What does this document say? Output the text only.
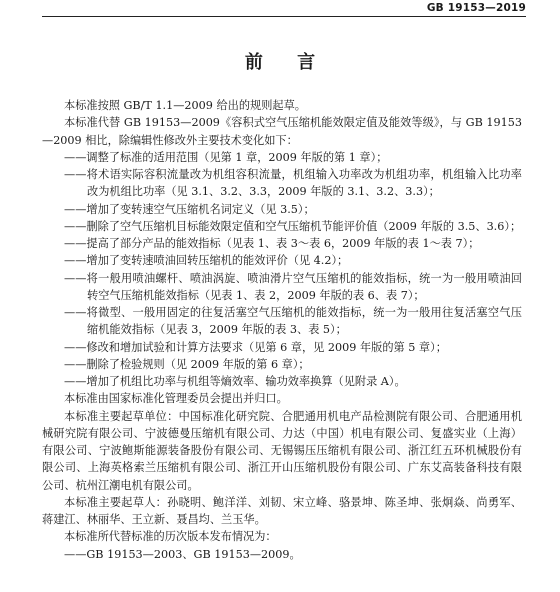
GB 19153—2019
前 言

本标准按照 GB/T 1.1—2009 给出的规则起草。

本标准代替 GB 19153—2009《容积式空气压缩机能效限定值及能效等级》，与 GB 19153—2009 相比，除编辑性修改外主要技术变化如下：

——调整了标准的适用范围（见第 1 章，2009 年版的第 1 章）；

——将术语实际容积流量改为机组容积流量，机组输入功率改为机组功率，机组输入比功率改为机组比功率（见 3.1、3.2、3.3，2009 年版的 3.1、3.2、3.3）；

——增加了变转速空气压缩机名词定义（见 3.5）；

——删除了空气压缩机目标能效限定值和空气压缩机节能评价值（2009 年版的 3.5、3.6）；

——提高了部分产品的能效指标（见表 1、表 3～表 6，2009 年版的表 1～表 7）；

——增加了变转速喷油回转压缩机的能效评价（见 4.2）；

——将一般用喷油螺杆、喷油涡旋、喷油滑片空气压缩机的能效指标，统一为一般用喷油回转空气压缩机能效指标（见表 1、表 2，2009 年版的表 6、表 7）；

——将微型、一般用固定的往复活塞空气压缩机的能效指标，统一为一般用往复活塞空气压缩机能效指标（见表 3，2009 年版的表 3、表 5）；

——修改和增加试验和计算方法要求（见第 6 章，见 2009 年版的第 5 章）；

——删除了检验规则（见 2009 年版的第 6 章）；

——增加了机组比功率与机组等熵效率、输功效率换算（见附录 A）。

本标准由国家标准化管理委员会提出并归口。

本标准主要起草单位：中国标准化研究院、合肥通用机电产品检测院有限公司、合肥通用机械研究院有限公司、宁波德曼压缩机有限公司、力达（中国）机电有限公司、复盛实业（上海）有限公司、宁波鲍斯能源装备股份有限公司、无锡锡压压缩机有限公司、浙江红五环机械股份有限公司、上海英格索兰压缩机有限公司、浙江开山压缩机股份有限公司、广东艾高装备科技有限公司、杭州江潮电机有限公司。

本标准主要起草人：孙晓明、鲍洋洋、刘韧、宋立峰、骆景坤、陈圣坤、张炯焱、尚勇军、蒋建江、林丽华、王立新、聂昌均、兰玉华。

本标准所代替标准的历次版本发布情况为：

——GB 19153—2003、GB 19153—2009。
